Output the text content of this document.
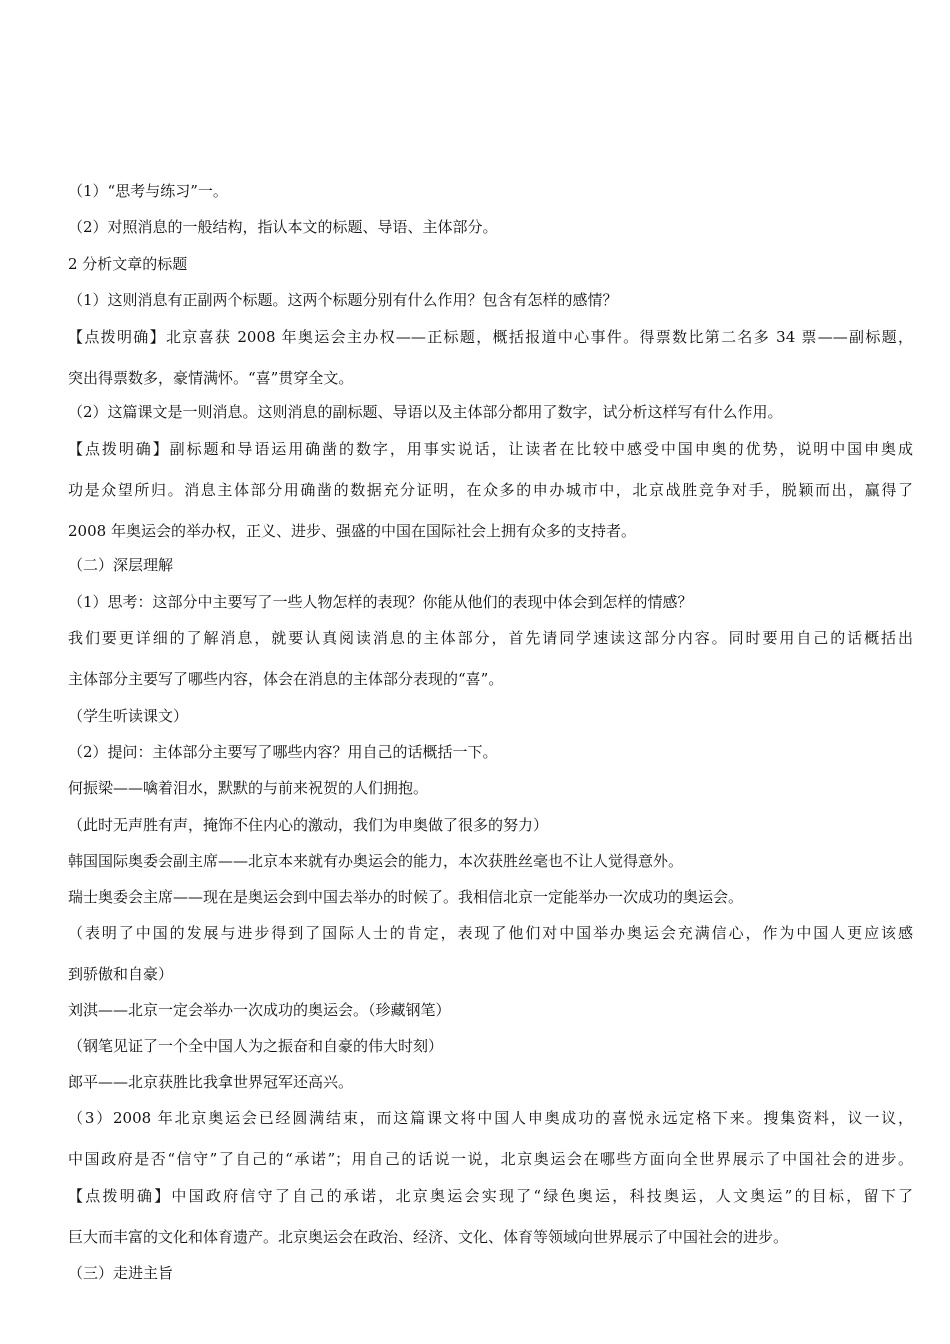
（1）“思考与练习”一。
（2）对照消息的一般结构，指认本文的标题、导语、主体部分。
2 分析文章的标题
（1）这则消息有正副两个标题。这两个标题分别有什么作用？包含有怎样的感情？
【点拨明确】北京喜获 2008 年奥运会主办权——正标题，概括报道中心事件。得票数比第二名多 34 票——副标题，
突出得票数多，豪情满怀。“喜”贯穿全文。
（2）这篇课文是一则消息。这则消息的副标题、导语以及主体部分都用了数字，试分析这样写有什么作用。
【点拨明确】副标题和导语运用确凿的数字，用事实说话，让读者在比较中感受中国申奥的优势，说明中国申奥成
功是众望所归。消息主体部分用确凿的数据充分证明，在众多的申办城市中，北京战胜竞争对手，脱颖而出，赢得了
2008 年奥运会的举办权，正义、进步、强盛的中国在国际社会上拥有众多的支持者。
（二）深层理解
（1）思考：这部分中主要写了一些人物怎样的表现？你能从他们的表现中体会到怎样的情感？
我们要更详细的了解消息，就要认真阅读消息的主体部分，首先请同学速读这部分内容。同时要用自己的话概括出
主体部分主要写了哪些内容，体会在消息的主体部分表现的“喜”。
（学生听读课文）
（2）提问：主体部分主要写了哪些内容？用自己的话概括一下。
何振梁——噙着泪水，默默的与前来祝贺的人们拥抱。
（此时无声胜有声，掩饰不住内心的激动，我们为申奥做了很多的努力）
韩国国际奥委会副主席——北京本来就有办奥运会的能力，本次获胜丝毫也不让人觉得意外。
瑞士奥委会主席——现在是奥运会到中国去举办的时候了。我相信北京一定能举办一次成功的奥运会。
（表明了中国的发展与进步得到了国际人士的肯定，表现了他们对中国举办奥运会充满信心，作为中国人更应该感
到骄傲和自豪）
刘淇——北京一定会举办一次成功的奥运会。（珍藏钢笔）
（钢笔见证了一个全中国人为之振奋和自豪的伟大时刻）
郎平——北京获胜比我拿世界冠军还高兴。
（3）2008 年北京奥运会已经圆满结束，而这篇课文将中国人申奥成功的喜悦永远定格下来。搜集资料，议一议，
中国政府是否“信守”了自己的“承诺”；用自己的话说一说，北京奥运会在哪些方面向全世界展示了中国社会的进步。
【点拨明确】中国政府信守了自己的承诺，北京奥运会实现了“绿色奥运，科技奥运，人文奥运”的目标，留下了
巨大而丰富的文化和体育遗产。北京奥运会在政治、经济、文化、体育等领域向世界展示了中国社会的进步。
（三）走进主旨
